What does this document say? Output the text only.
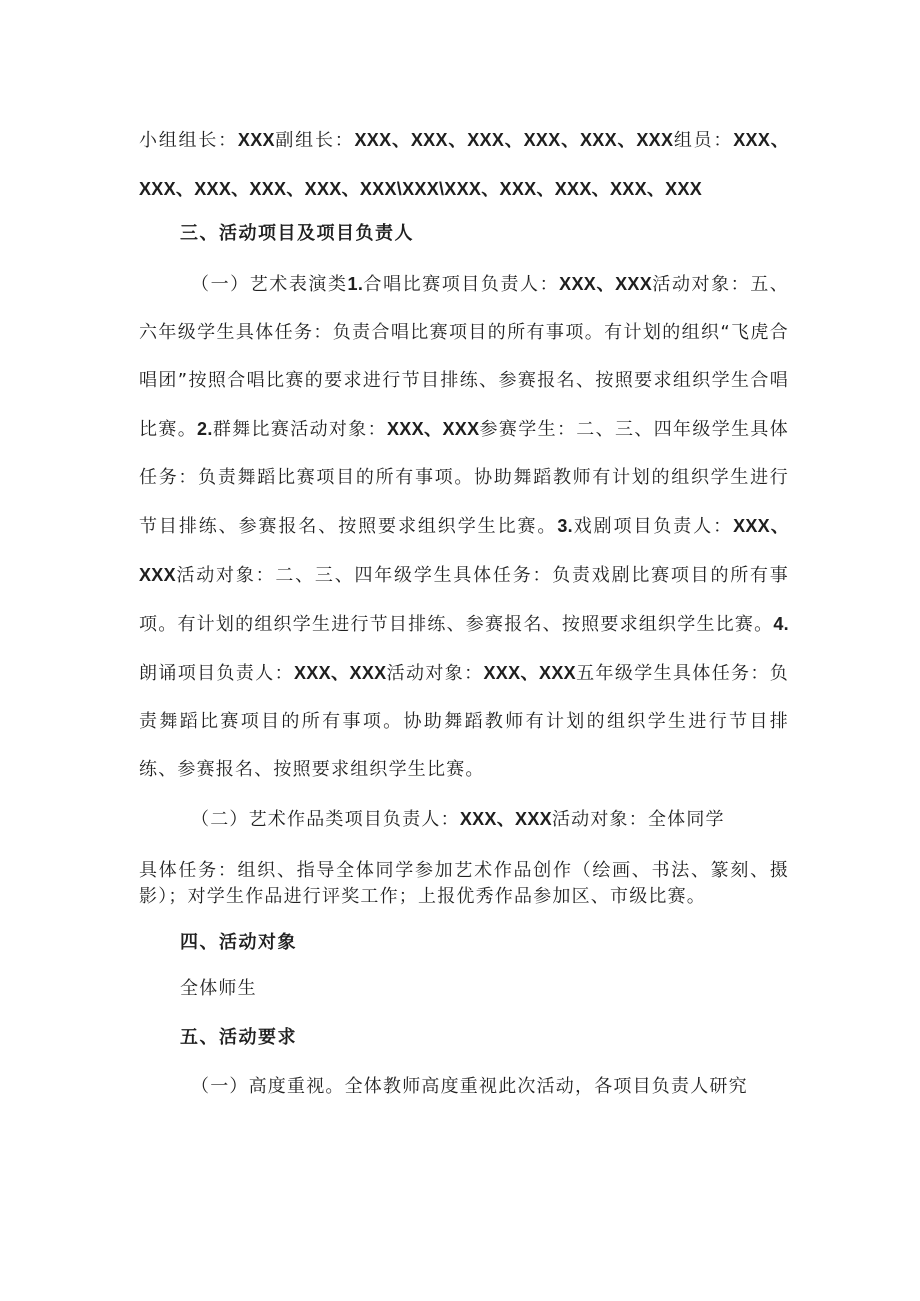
小组组长：XXX副组长：XXX、XXX、XXX、XXX、XXX、XXX组员：XXX、XXX、XXX、XXX、XXX、XXX\XXX\XXX、XXX、XXX、XXX、XXX

三、活动项目及项目负责人

（一）艺术表演类1.合唱比赛项目负责人：XXX、XXX活动对象：五、六年级学生具体任务：负责合唱比赛项目的所有事项。有计划的组织“飞虎合唱团”按照合唱比赛的要求进行节目排练、参赛报名、按照要求组织学生合唱比赛。2.群舞比赛活动对象：XXX、XXX参赛学生：二、三、四年级学生具体任务：负责舞蹈比赛项目的所有事项。协助舞蹈教师有计划的组织学生进行节目排练、参赛报名、按照要求组织学生比赛。3.戏剧项目负责人：XXX、XXX活动对象：二、三、四年级学生具体任务：负责戏剧比赛项目的所有事项。有计划的组织学生进行节目排练、参赛报名、按照要求组织学生比赛。4.朗诵项目负责人：XXX、XXX活动对象：XXX、XXX五年级学生具体任务：负责舞蹈比赛项目的所有事项。协助舞蹈教师有计划的组织学生进行节目排练、参赛报名、按照要求组织学生比赛。

（二）艺术作品类项目负责人：XXX、XXX活动对象：全体同学

具体任务：组织、指导全体同学参加艺术作品创作（绘画、书法、篆刻、摄影）；对学生作品进行评奖工作；上报优秀作品参加区、市级比赛。

四、活动对象

全体师生

五、活动要求

（一）高度重视。全体教师高度重视此次活动，各项目负责人研究
